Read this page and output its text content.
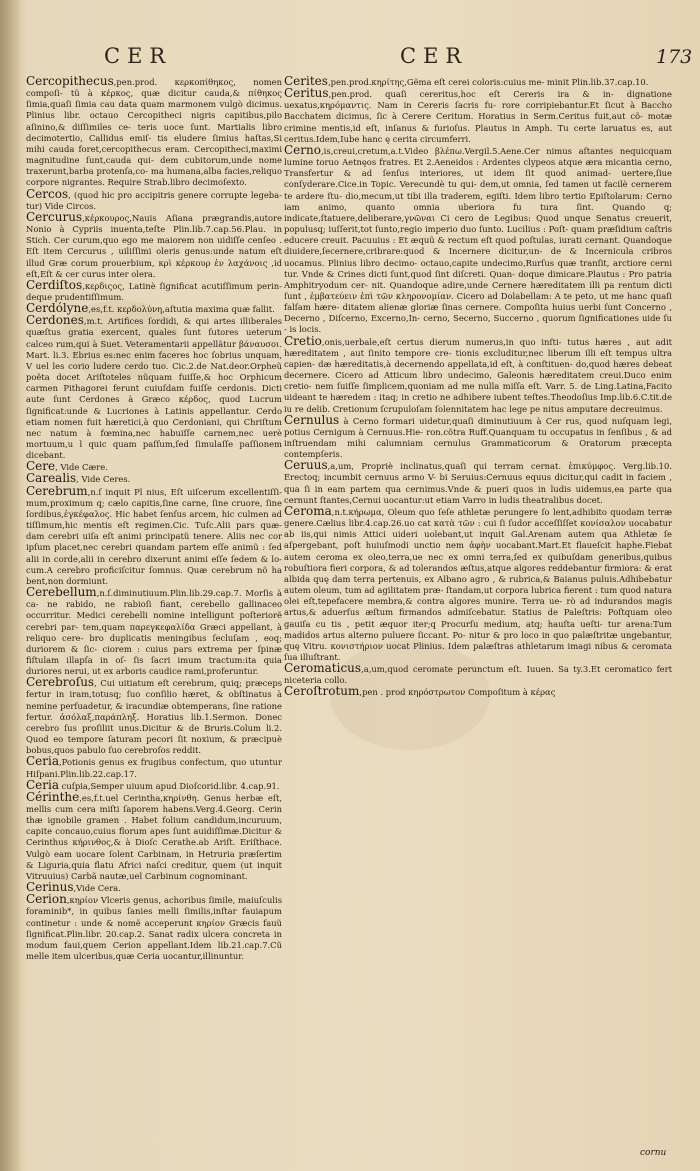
CER	CER	173

Cercopithecus,pen.prod. κερκοπίθηκος, nomen compoſi- tũ à κέρκος, quæ dicitur cauda,& πίθηκος ſimia,quaſi ſimia cau data quam marmonem vulgò dicimus. Plinius libr. octauo Cercopitheci nigris capitibus,pilo aſinino,& diſſimiles ce- teris uoce ſunt. Martialis libro decimotertio, Callidus emiſ- tis eludere ſimius haſtas,Si mihi cauda foret,cercopithecus eram. Cercopitheci,maximi magnitudine ſunt,cauda qui- dem cubitorum,unde nome traxerunt,barba protenſa,co- ma humana,alba facies,reliquo corpore nigrantes. Require Strab.libro decimoſexto.

Cercos, (quod hic pro accipitris genere corrupte legeba- tur) Vide Circos.

Cercurus,κέρκουρος,Nauis Aſiana prægrandis,autore Nonio à Cypriis inuenta,teſte Plin.lib.7.cap.56.Plau. in Stich. Cer curum,quo ego me maiorem non uidiſſe cenſeo . Eſt item Cercurus , uiliſſimi oleris genus:unde natum eſt illud Græ corum prouerbium, κρὶ κέρκουρ ἐν λαχάνοις ,id eſt,Eſt & cer curus inter olera.

Cerdiſtos,κερδιςος, Latinè ſignificat acutiſſimum perin- deque prudentiſſimum.

Cerdólyne,es,f.t. κερδολύνη,aſtutia maxima quæ fallit.

Cerdones,m.t. Artifices ſordidi, & qui artes illiberales quæſtus gratia exercent, quales ſunt ſutores ueterum calceo rum,qui à Suet. Veteramentarii appellãtur βάναυσοι. Mart. li.3. Ebrius es:nec enim faceres hoc ſobrius unquam, V uel les corio ludere cerdo tuo. Cic.2.de Nat.deor.Orpheũ poẽta docet Ariſtoteles nũquam fuiſſe,& hoc Orphicum carmen Pithagorei ferunt cuiuſdam fuiſſe cerdonis. Dicti aute ſunt Cerdones à Græco κέρδος, quod Lucrum ſignificat:unde & Lucriones à Latinis appellantur. Cerdo etiam nomen fuit hæretici,à quo Cerdoniani, qui Chriſtum nec natum à fœmina,nec habuiſſe carnem,nec uerè mortuum,u l quic quam paſſum,ſed ſimulaſſe paſſionem dicebant.

Cere, Vide Cære.

Carealis, Vide Ceres.

Cerebrum,n.ſ inquit Pl nius, Eſt uiſcerum excellentiſſi- mum,proximum q; cælo capitis,ſine carne, ſine cruore, ſine ſordibus,ἐγκέφαλος. Hic habet ſenſus arcem, hic culmen ad tiſſimum,hic mentis eſt regimen.Cic. Tuſc.Alii pars quæ- dam cerebri uiſa eſt animi principatũ tenere. Aliis nec cor ipſum placet,nec cerebri quandam partem eſſe animũ : ſed alii in corde,alii in cerebro dixerunt animi eſſe ſedem & lo- cum.A cerebro proficiſcitur ſomnus. Quæ cerebrum nõ ha bent,non dormiunt.

Cerebellum,n.ſ.diminutiuum.Plin.lib.29.cap.7. Morſis à ca- ne rabido, ne rabioſi fiant, cerebello gallinaceo occurritur. Medici cerebelli nomine intelligunt poſteriorẽ cerebri par- tem,quam παρεγκεφαλίδα Græci appellant, à reliquo cere- bro duplicatis meningibus ſecluſam , eoq; duriorem & ſic- ciorem : cuius pars extrema per ſpinæ fiſtulam illapſa in oſ- ſis ſacri imum tractum:ita quia duriores nerui, ut ex arboris caudice rami,proferuntur.

Cerebroſus, Cui uitiatum eſt cerebrum, quiq; præceps fertur in iram,totusq; ſuo conſilio hæret, & obſtinatus à nemine perſuadetur, & iracundiæ obtemperans, ſine ratione fertur. ἀσόλαξ,παράπληξ. Horatius lib.1.Sermon. Donec cerebro ſus proſiliit unus.Dicitur & de Bruris.Colum li.2. Quod eo tempore ſaturam pecori ſit noxium, & præcipuè bobus,quos pabulo ſuo cerebroſos reddit.

Ceria,Potionis genus ex frugibus confectum, quo utuntur Hiſpani.Plin.lib.22.cap.17.

Ceria cuſpia,Semper uiuum apud Dioſcorid.libr. 4.cap.91.

Cérinthe,es,f.t.uel Cerintha,κηρίνθη. Genus herbæ eſt, mellis cum cera miſti ſaporem habens.Verg.4.Georg. Cerin thæ ignobile gramen . Habet folium candidum,incuruum, capite concauo,cuius florum apes ſunt auidiſſimæ.Dicitur & Cerinthus κήρινθος,& à Dioſc Cerathe.ab Ariſt. Eriſthace. Vulgò eam uocare ſolent Carbinam, in Hetruria præſertim & Liguria,quia flatu Africi naſci creditur, quem (ut inquit Vitruuius) Carbã nautæ,uel Carbinum cognominant.

Cerinus,Vide Cera.

Cerion,κηρίον Vlceris genus, achoribus ſimile, maiuſculis foraminib*, in quibus ſanies melli ſimilis,inſtar fauiapum continetur : unde & nomẽ acceperunt κηρίον Græcis fauũ ſignificat.Plin.libr. 20.cap.2. Sanat radix ulcera concreta in modum faui,quem Cerion appellant.Idem lib.21.cap.7.Cũ melle item ulceribus,quæ Ceria uocantur,illinuntur.

Cerites,pen.prod.κηρίτης,Gẽma eſt cerei coloris:cuius me- minit Plin.lib.37.cap.10.

Ceritus,pen.prod. quaſi cereritus,hoc eſt Cereris ira & in- dignatione uexatus,κηρόμαντις. Nam in Cereris ſacris fu- rore corripiebantur.Et ſicut à Baccho Bacchatem dicimus, ſic à Cerere Ceritum. Horatius in Serm.Ceritus fuit,aut cõ- motæ crimine mentis,id eſt, inſanus & furioſus. Plautus in Amph. Tu certe laruatus es, aut ceritus.Idem,Iube hanc ę cerita circumferri.

Cerno,is,creui,cretum,a.t.Video βλέπω.Vergil.5.Aene.Cer nimus aſtantes nequicquam lumine toruo Aetnęos fratres. Et 2.Aeneidos : Ardentes clypeos atque æra micantia cerno, Transfertur & ad ſenſus interiores, ut idem ſit quod animad- uertere,ſiue conſyderare.Cice.in Topic. Verecundè tu qui- dem,ut omnia, ſed tamen ut facilè cernerem te ardere ſtu- dio,mecum,ut tibi illa traderem, egiſti. Idem libro tertio Epiſtolarum: Cerno iam animo, quanto omnia uberiora fu tura ſint. Quando q; indicate,ſtatuere,deliberare,γνῶναι Ci cero de Legibus: Quod unque Senatus creuerit, populusq; iuſſerit,tot ſunto,regio imperio duo ſunto. Lucilius : Poſt- quam præſidium caſtris educere creuit. Pacuuius : Et æquũ & rectum eſt quod poſtulas, iurati cernant. Quandoque diuidere,ſecernere,cribrare:quod & Incernere dicitur,un- de & Incernicula cribros uocamus. Plinius libro decimo- octauo,capite undecimo,Rurſus quæ tranſit, arctiore cerni tur. Vnde & Crines dicti ſunt,quod ſint diſcreti. Quan- doque dimicare.Plautus : Pro patria Amphitryodum cer- nit. Quandoque adire,unde Cernere hæreditatem illi pa rentum dicti ſunt , ἐμβατεύειν ἐπὶ τῶν κληρονομίαν. Cicero ad Dolabellam: A te peto, ut me hanc quaſi falſam hære- ditatem alienæ gloriæ ſinas cernere. Compoſita huius uerbi ſunt Concerno , Decerno , Diſcerno, Excerno,In- cerno, Secerno, Succerno , quorum ſignificationes uide ſu - is locis.

Cretio,onis,uerbale,eſt certus dierum numerus,in quo inſti- tutus hæres , aut adit hæreditatem , aut ſinito tempore cre- tionis excluditur,nec liberum illi eſt tempus ultra capien- dæ hæreditatis,à decernendo appellata,id eſt, à conſtituen- do,quod hæres debeat decernere. Cicero ad Atticum libro undecimo, Galeonis hæreditatem creui.Duco enim cretio- nem ſuiſſe ſimplicem,quoniam ad me nulla miſſa eſt. Varr. 5. de Ling.Latina,Facito uideant te hæredem : itaq; in cretio ne adhibere iubent teſtes.Theodoſius Imp.lib.6.C.tit.de iu re delib. Cretionum ſcrupuloſam ſolennitatem hac lege pe nitus amputare decreuimus.

Cernulus à Cerno formari uidetur,quaſi diminutiuum à Cer rus, quod nuſquam legi, potius Cernigum à Cernuus.Hie- ron.cõtra Ruff.Quanquam tu occupatus in ſenſibus , & ad inſtruendam mihi calumniam cernulus Grammaticorum & Oratorum præcepta contempſeris.

Ceruus,a,um, Propriè inclinatus,quaſi qui terram cernat. ἐπικύμφος. Verg.lib.10. Erectoq; incumbit cernuus armo V- bi Seruius:Cernuus equus dicitur,qui cadit in faciem , qua ſi in eam partem qua cernimus.Vnde & pueri quos in ludis uidemus,ea parte qua cernunt ſtantes,Cernui uocantur:ut etiam Varro in ludis theatralibus docet.

Ceroma,n.t.κήρωμα, Oleum quo ſeſe athletæ perungere ſo lent,adhibito quodam terræ genere.Cælius libr.4.cap.26.uo cat κατὰ τῶν : cui ſi ſudor acceſſiſſet κονίσαλον uocabatur ab iis,qui nimis Attici uideri uolebant,ut inquit Gal.Arenam autem qua Athletæ ſe aſpergebant, poſt huiuſmodi unctio nem ἀφὴν uocabant.Mart.Et flaueſcit haphe.Fiebat autem ceroma ex oleo,terra,ue nec ex omni terra,ſed ex quibuſdam generibus,quibus robuſtiora fieri corpora, & ad tolerandos æſtus,atque algores reddebantur firmiora: & erat albida quę dam terra pertenuis, ex Albano agro , & rubrica,& Baianus puluis.Adhibebatur autem oleum, tum ad agilitatem præ- ſtandam,ut corpora lubrica fierent : tum quod natura olei eſt,tepefacere membra,& contra algores munire. Terra ue- rò ad indurandos magis artus,& aduerſus æſtum firmandos admiſcebatur. Statius de Paleſtris: Poſtquam oleo gauiſa cu tis , petit æquor iter;q Procurſu medium, atq; hauſta ueſti- tur arena:Tum madidos artus alterno puluere ſiccant. Po- nitur & pro loco in quo palæſtritæ ungebantur, quę Vitru. κονιστήριον uocat Plinius. Idem palæſtras athletarum imagi nibus & ceromata ſua illuſtrant.

Ceromaticus,a,um,quod ceromate perunctum eſt. Iuuen. Sa ty.3.Et ceromatico fert niceteria collo.

Ceroſtrotum,pen . prod κηρόστρωτον Compoſitum à κέρας

cornu
